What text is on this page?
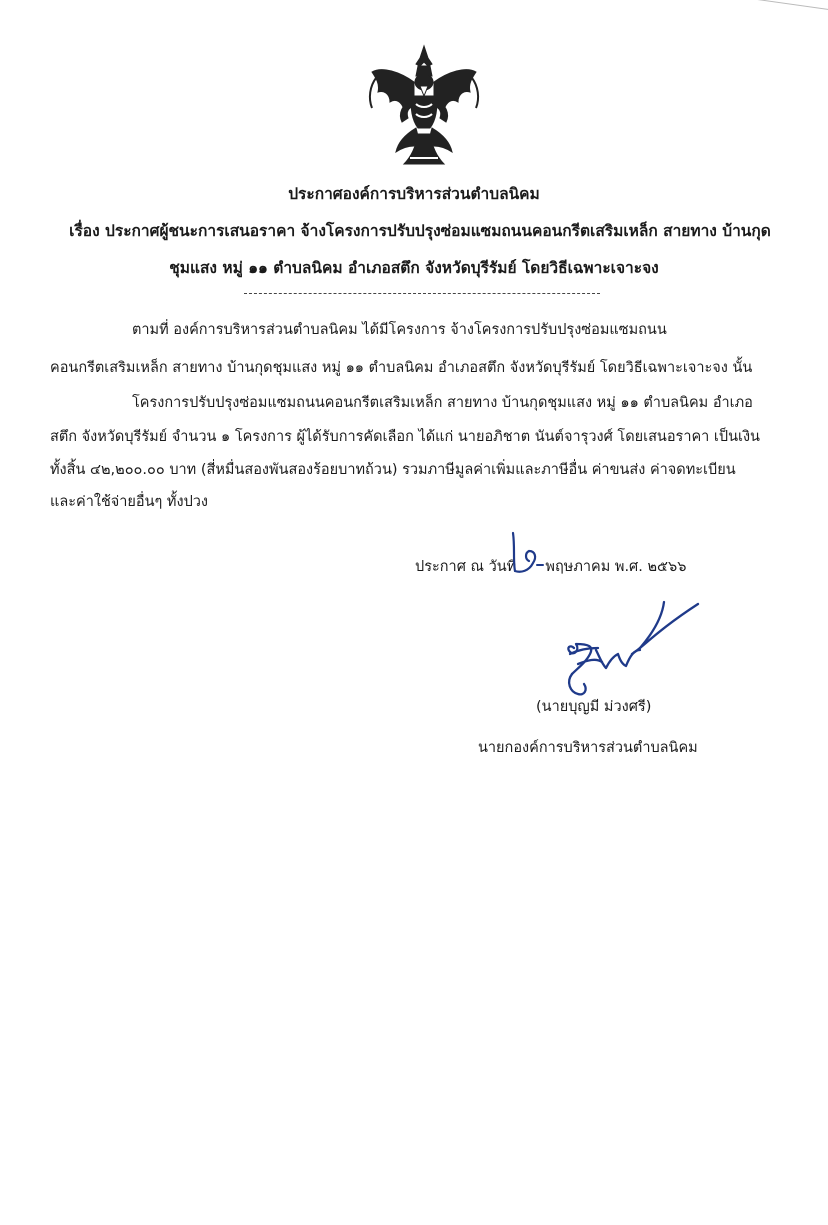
ประกาศองค์การบริหารส่วนตำบลนิคม
เรื่อง ประกาศผู้ชนะการเสนอราคา จ้างโครงการปรับปรุงซ่อมแซมถนนคอนกรีตเสริมเหล็ก สายทาง บ้านกุด
ชุมแสง หมู่ ๑๑ ตำบลนิคม อำเภอสตึก จังหวัดบุรีรัมย์ โดยวิธีเฉพาะเจาะจง
ตามที่ องค์การบริหารส่วนตำบลนิคม ได้มีโครงการ จ้างโครงการปรับปรุงซ่อมแซมถนน
คอนกรีตเสริมเหล็ก สายทาง บ้านกุดชุมแสง หมู่ ๑๑ ตำบลนิคม อำเภอสตึก จังหวัดบุรีรัมย์ โดยวิธีเฉพาะเจาะจง นั้น
โครงการปรับปรุงซ่อมแซมถนนคอนกรีตเสริมเหล็ก สายทาง บ้านกุดชุมแสง หมู่ ๑๑ ตำบลนิคม อำเภอ
สตึก จังหวัดบุรีรัมย์ จำนวน ๑ โครงการ ผู้ได้รับการคัดเลือก ได้แก่ นายอภิชาต นันต์จารุวงศ์ โดยเสนอราคา เป็นเงิน
ทั้งสิ้น ๔๒,๒๐๐.๐๐ บาท (สี่หมื่นสองพันสองร้อยบาทถ้วน) รวมภาษีมูลค่าเพิ่มและภาษีอื่น ค่าขนส่ง ค่าจดทะเบียน
และค่าใช้จ่ายอื่นๆ ทั้งปวง
ประกาศ ณ วันที่ พฤษภาคม พ.ศ. ๒๕๖๖
(นายบุญมี ม่วงศรี)
นายกองค์การบริหารส่วนตำบลนิคม
